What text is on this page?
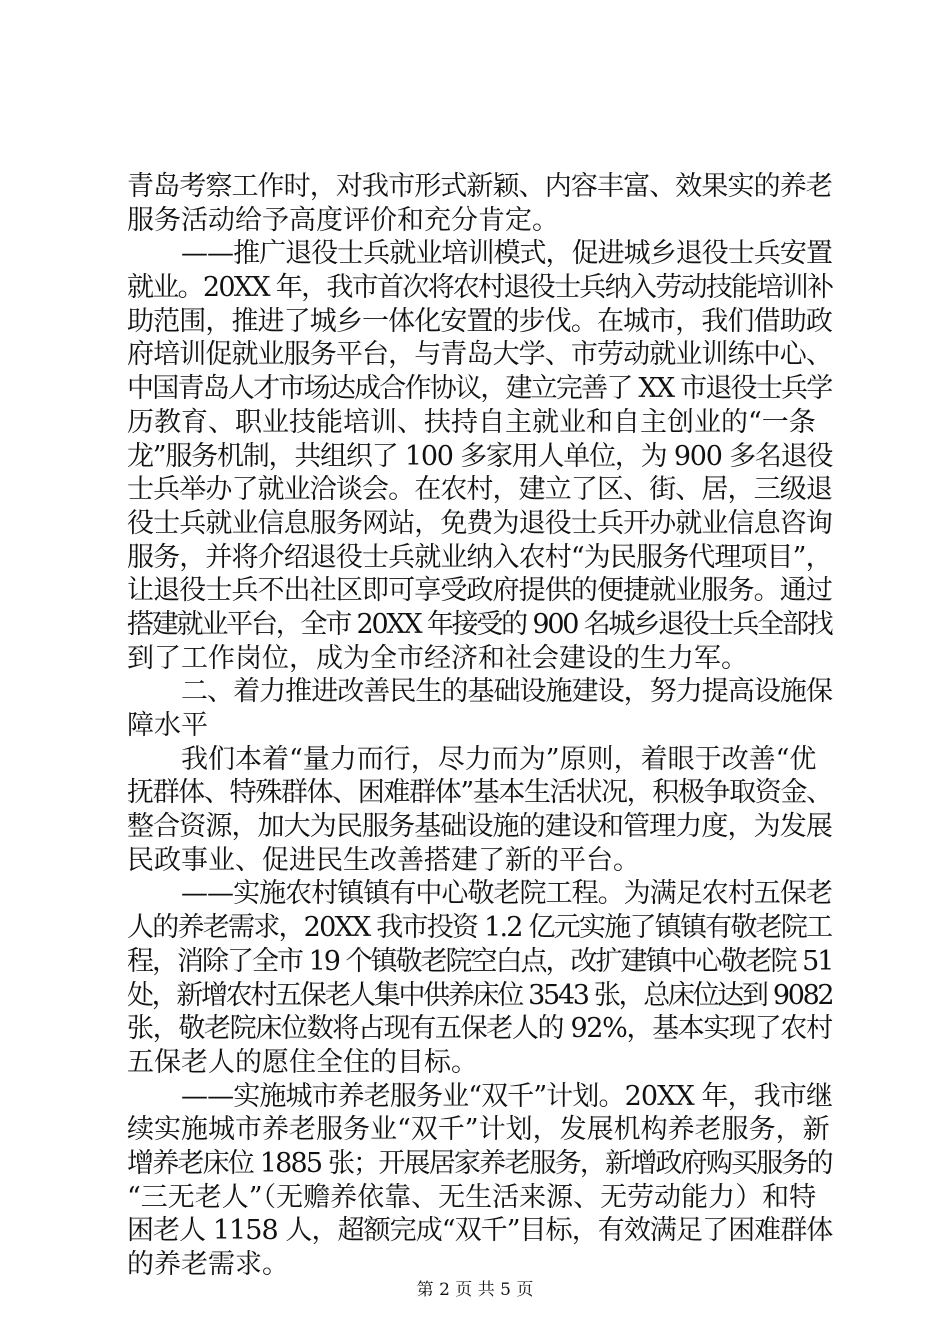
青岛考察工作时，对我市形式新颖、内容丰富、效果实的养老
服务活动给予高度评价和充分肯定。
——推广退役士兵就业培训模式，促进城乡退役士兵安置
就业。20XX 年，我市首次将农村退役士兵纳入劳动技能培训补
助范围，推进了城乡一体化安置的步伐。在城市，我们借助政
府培训促就业服务平台，与青岛大学、市劳动就业训练中心、
中国青岛人才市场达成合作协议，建立完善了 XX 市退役士兵学
历教育、职业技能培训、扶持自主就业和自主创业的“一条
龙”服务机制，共组织了 100 多家用人单位，为 900 多名退役
士兵举办了就业洽谈会。在农村，建立了区、街、居，三级退
役士兵就业信息服务网站，免费为退役士兵开办就业信息咨询
服务，并将介绍退役士兵就业纳入农村“为民服务代理项目”，
让退役士兵不出社区即可享受政府提供的便捷就业服务。通过
搭建就业平台，全市 20XX 年接受的 900 名城乡退役士兵全部找
到了工作岗位，成为全市经济和社会建设的生力军。
二、着力推进改善民生的基础设施建设，努力提高设施保
障水平
我们本着“量力而行，尽力而为”原则，着眼于改善“优
抚群体、特殊群体、困难群体”基本生活状况，积极争取资金、
整合资源，加大为民服务基础设施的建设和管理力度，为发展
民政事业、促进民生改善搭建了新的平台。
——实施农村镇镇有中心敬老院工程。为满足农村五保老
人的养老需求，20XX 我市投资 1.2 亿元实施了镇镇有敬老院工
程，消除了全市 19 个镇敬老院空白点，改扩建镇中心敬老院 51
处，新增农村五保老人集中供养床位 3543 张，总床位达到 9082
张，敬老院床位数将占现有五保老人的 92%，基本实现了农村
五保老人的愿住全住的目标。
——实施城市养老服务业“双千”计划。20XX 年，我市继
续实施城市养老服务业“双千”计划，发展机构养老服务，新
增养老床位 1885 张；开展居家养老服务，新增政府购买服务的
“三无老人”（无赡养依靠、无生活来源、无劳动能力）和特
困老人 1158 人，超额完成“双千”目标，有效满足了困难群体
的养老需求。
第 2 页 共 5 页
